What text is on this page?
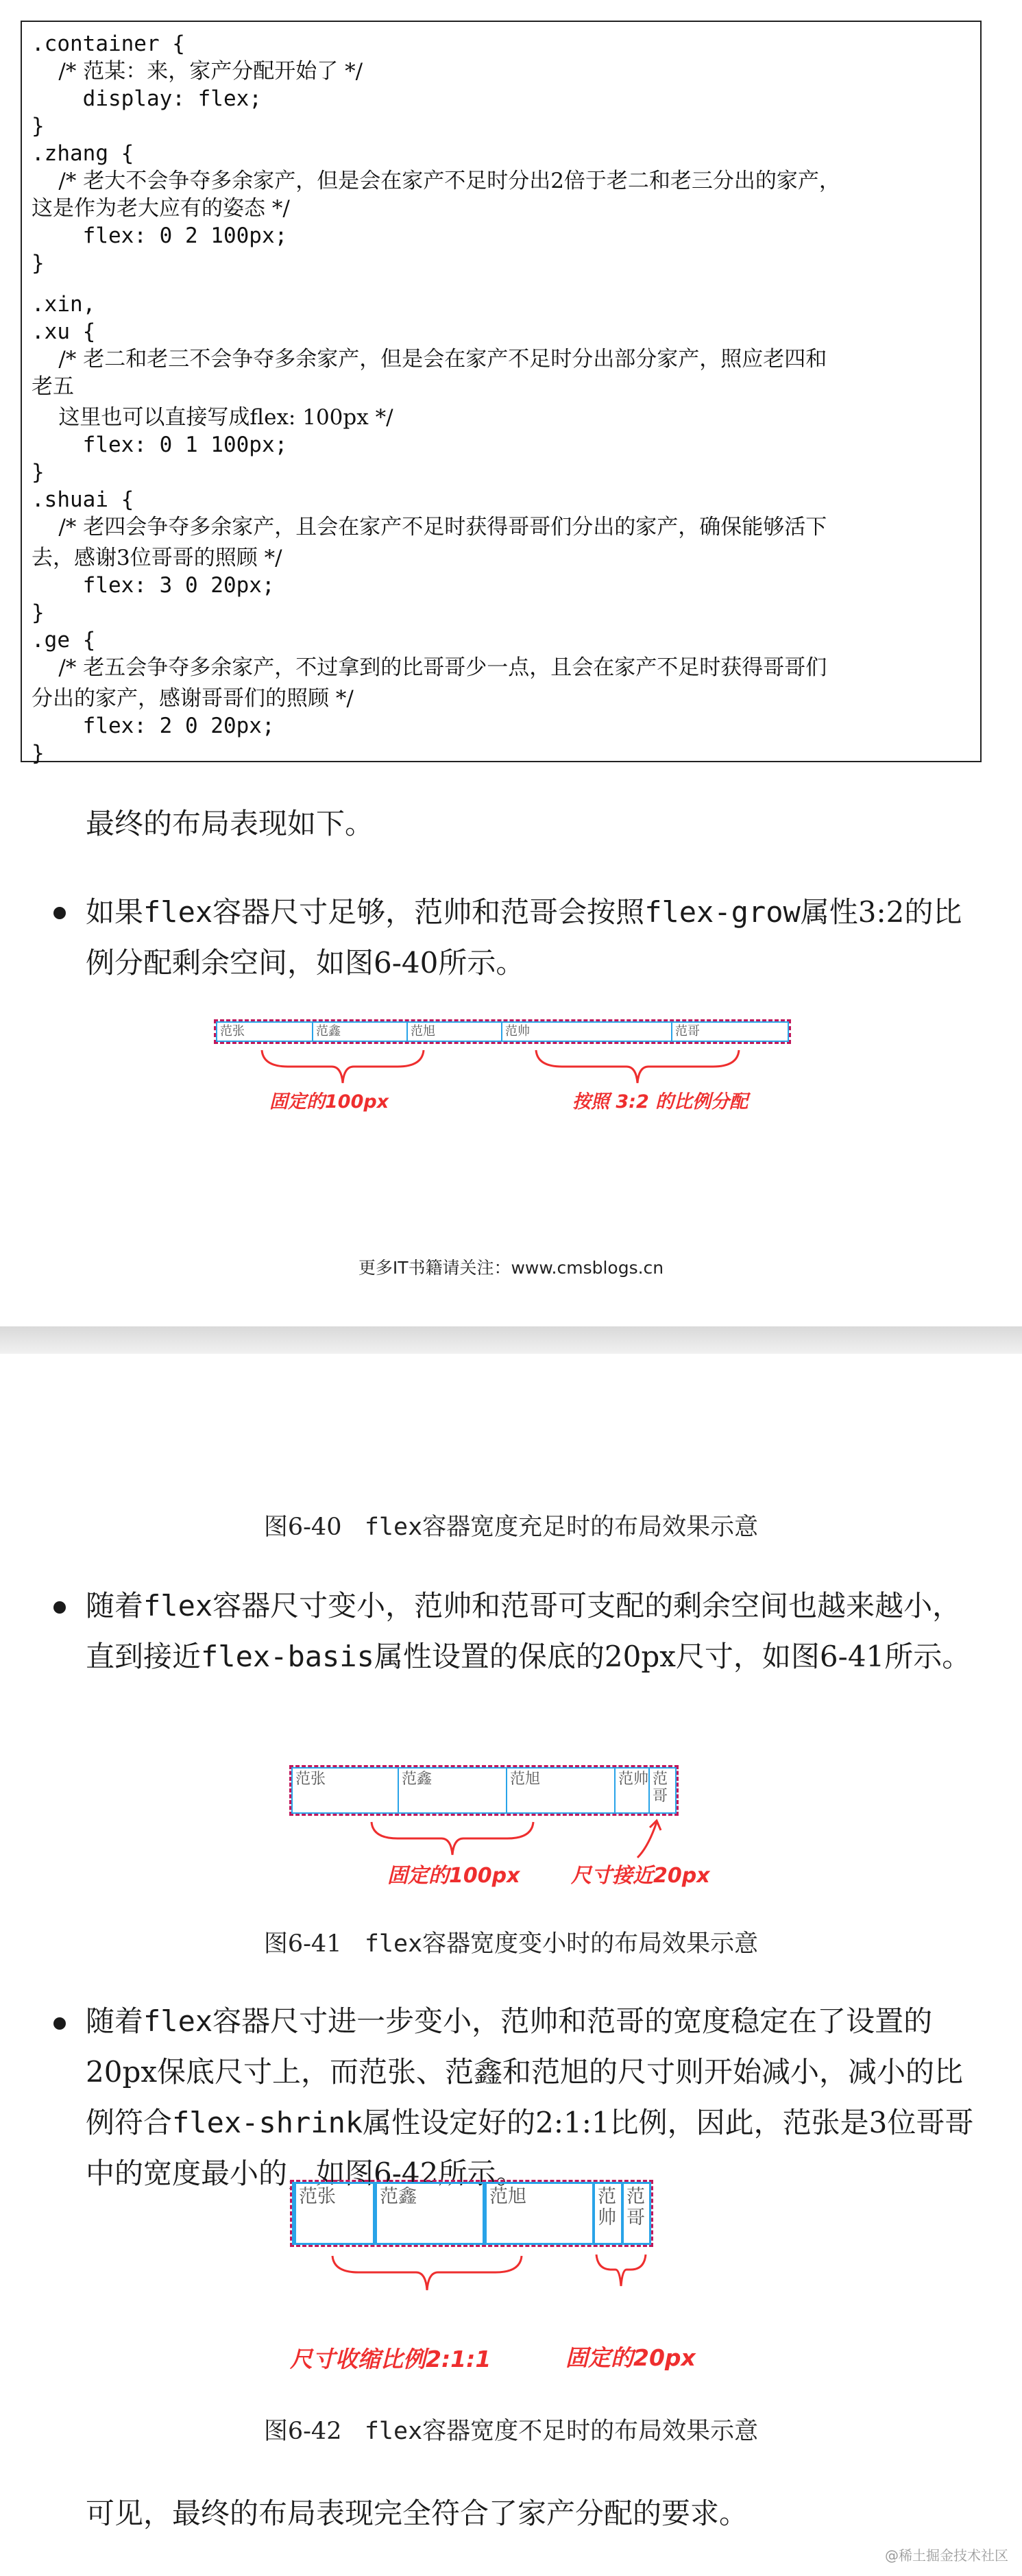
.container {
/* 范某：来，家产分配开始了 */
display: flex;
}
.zhang {
/* 老大不会争夺多余家产，但是会在家产不足时分出2倍于老二和老三分出的家产，
这是作为老大应有的姿态 */
flex: 0 2 100px;
}
.xin,
.xu {
/* 老二和老三不会争夺多余家产，但是会在家产不足时分出部分家产，照应老四和
老五
这里也可以直接写成flex: 100px */
flex: 0 1 100px;
}
.shuai {
/* 老四会争夺多余家产，且会在家产不足时获得哥哥们分出的家产，确保能够活下
去，感谢3位哥哥的照顾 */
flex: 3 0 20px;
}
.ge {
/* 老五会争夺多余家产，不过拿到的比哥哥少一点，且会在家产不足时获得哥哥们
分出的家产，感谢哥哥们的照顾 */
flex: 2 0 20px;
}
最终的布局表现如下。
如果flex容器尺寸足够，范帅和范哥会按照flex-grow属性3:2的比例分配剩余空间，如图6-40所示。
范张	范鑫	范旭	范帅	范哥
固定的100px	按照 3:2 的比例分配
更多IT书籍请关注：www.cmsblogs.cn
图6-40 flex容器宽度充足时的布局效果示意
随着flex容器尺寸变小，范帅和范哥可支配的剩余空间也越来越小，直到接近flex-basis属性设置的保底的20px尺寸，如图6-41所示。
范张	范鑫	范旭	范帅 范哥
固定的100px 尺寸接近20px
图6-41 flex容器宽度变小时的布局效果示意
随着flex容器尺寸进一步变小，范帅和范哥的宽度稳定在了设置的20px保底尺寸上，而范张、范鑫和范旭的尺寸则开始减小，减小的比例符合flex-shrink属性设定好的2:1:1比例，因此，范张是3位哥哥中的宽度最小的，如图6-42所示。
范张 范鑫	范旭	范帅
范哥
尺寸收缩比例2:1:1	固定的20px
图6-42 flex容器宽度不足时的布局效果示意
可见，最终的布局表现完全符合了家产分配的要求。
@稀土掘金技术社区
